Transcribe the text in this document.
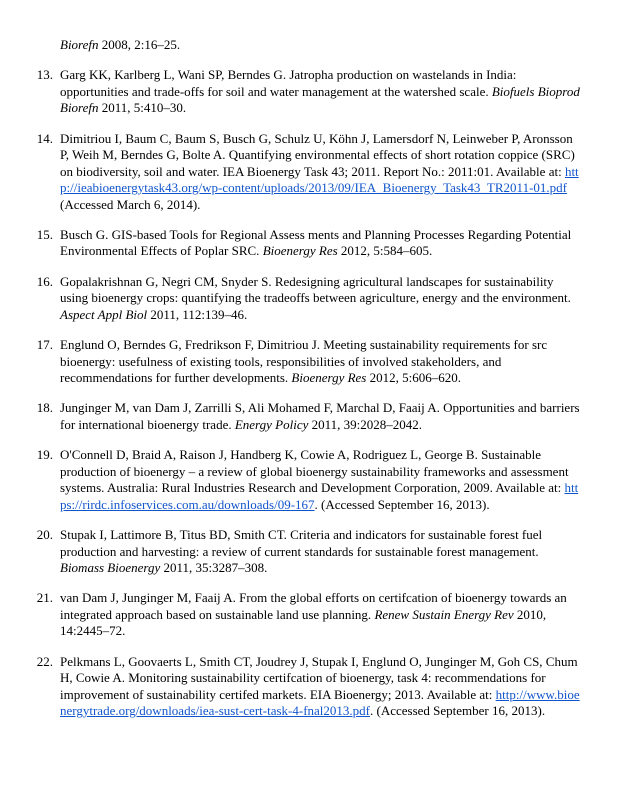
Biorefn 2008, 2:16–25.
13. Garg KK, Karlberg L, Wani SP, Berndes G. Jatropha production on wastelands in India: opportunities and trade-offs for soil and water management at the watershed scale. Biofuels Bioprod Biorefn 2011, 5:410–30.
14. Dimitriou I, Baum C, Baum S, Busch G, Schulz U, Köhn J, Lamersdorf N, Leinweber P, Aronsson P, Weih M, Berndes G, Bolte A. Quantifying environmental effects of short rotation coppice (SRC) on biodiversity, soil and water. IEA Bioenergy Task 43; 2011. Report No.: 2011:01. Available at: http://ieabioenergytask43.org/wp-content/uploads/2013/09/IEA_Bioenergy_Task43_TR2011-01.pdf (Accessed March 6, 2014).
15. Busch G. GIS-based Tools for Regional Assess ments and Planning Processes Regarding Potential Environmental Effects of Poplar SRC. Bioenergy Res 2012, 5:584–605.
16. Gopalakrishnan G, Negri CM, Snyder S. Redesigning agricultural landscapes for sustainability using bioenergy crops: quantifying the tradeoffs between agriculture, energy and the environment. Aspect Appl Biol 2011, 112:139–46.
17. Englund O, Berndes G, Fredrikson F, Dimitriou J. Meeting sustainability requirements for src bioenergy: usefulness of existing tools, responsibilities of involved stakeholders, and recommendations for further developments. Bioenergy Res 2012, 5:606–620.
18. Junginger M, van Dam J, Zarrilli S, Ali Mohamed F, Marchal D, Faaij A. Opportunities and barriers for international bioenergy trade. Energy Policy 2011, 39:2028–2042.
19. O'Connell D, Braid A, Raison J, Handberg K, Cowie A, Rodriguez L, George B. Sustainable production of bioenergy – a review of global bioenergy sustainability frameworks and assessment systems. Australia: Rural Industries Research and Development Corporation, 2009. Available at: https://rirdc.infoservices.com.au/downloads/09-167. (Accessed September 16, 2013).
20. Stupak I, Lattimore B, Titus BD, Smith CT. Criteria and indicators for sustainable forest fuel production and harvesting: a review of current standards for sustainable forest management. Biomass Bioenergy 2011, 35:3287–308.
21. van Dam J, Junginger M, Faaij A. From the global efforts on certifcation of bioenergy towards an integrated approach based on sustainable land use planning. Renew Sustain Energy Rev 2010, 14:2445–72.
22. Pelkmans L, Goovaerts L, Smith CT, Joudrey J, Stupak I, Englund O, Junginger M, Goh CS, Chum H, Cowie A. Monitoring sustainability certifcation of bioenergy, task 4: recommendations for improvement of sustainability certifed markets. EIA Bioenergy; 2013. Available at: http://www.bioenergytrade.org/downloads/iea-sust-cert-task-4-fnal2013.pdf. (Accessed September 16, 2013).
